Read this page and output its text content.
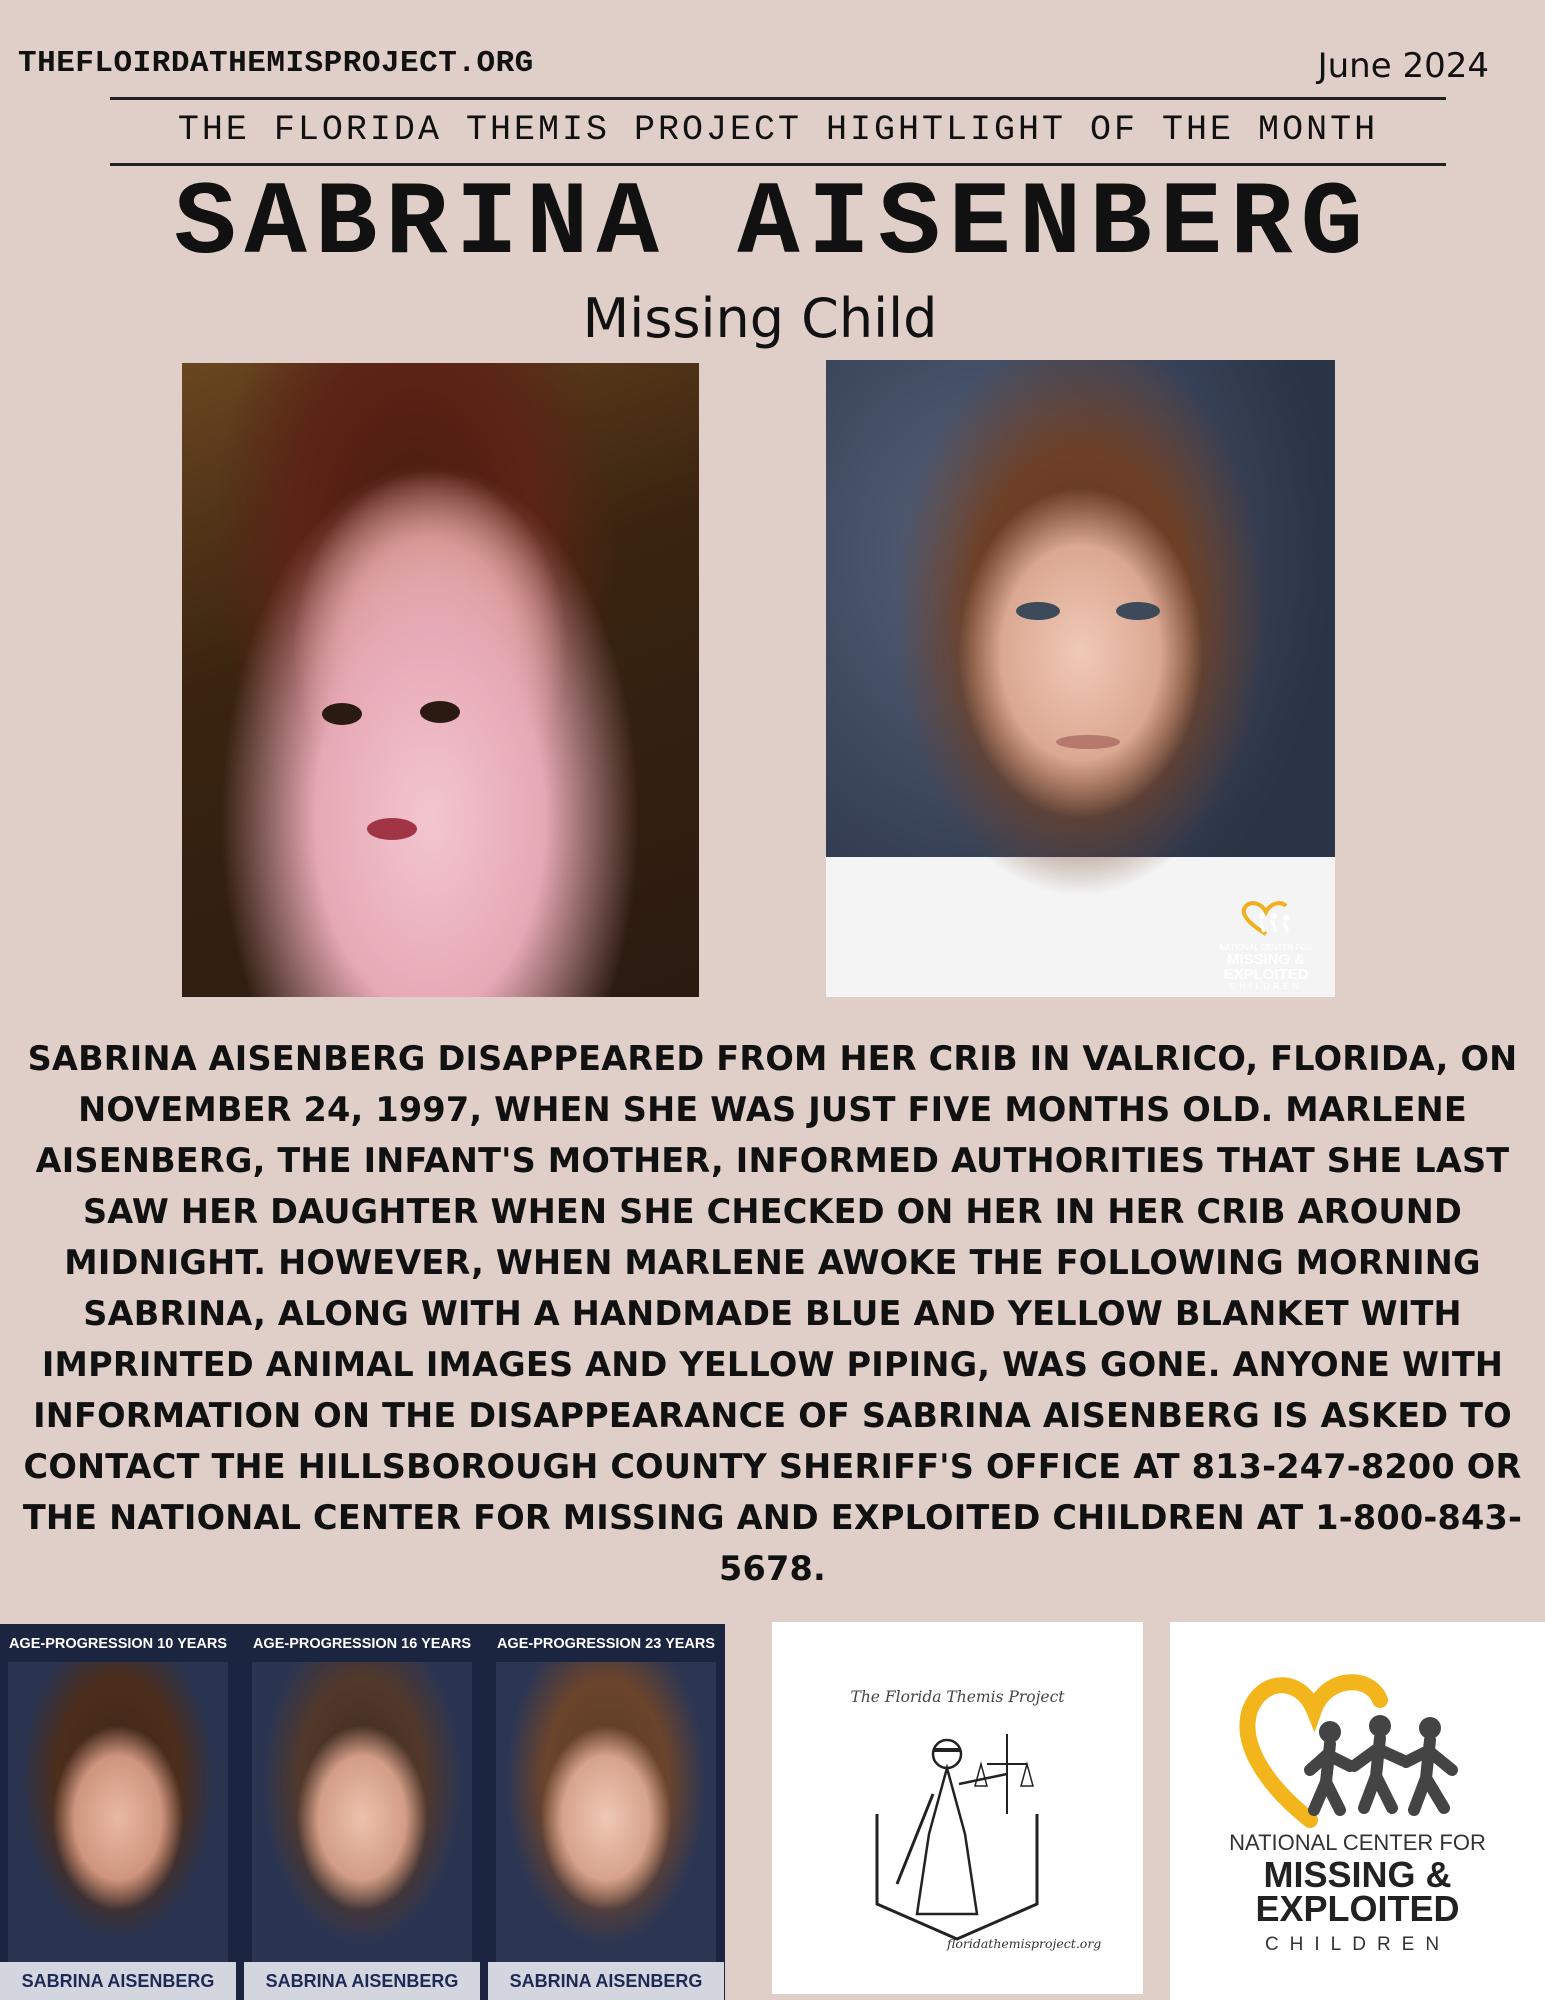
THEFLOIRDATHEMISPROJECT.ORG	June 2024
THE FLORIDA THEMIS PROJECT HIGHTLIGHT OF THE MONTH
SABRINA AISENBERG
Missing Child
NATIONAL CENTER FOR
MISSING &
EXPLOITED
CHILDREN
SABRINA AISENBERG DISAPPEARED FROM HER CRIB IN VALRICO, FLORIDA, ON NOVEMBER 24, 1997, WHEN SHE WAS JUST FIVE MONTHS OLD. MARLENE AISENBERG, THE INFANT'S MOTHER, INFORMED AUTHORITIES THAT SHE LAST SAW HER DAUGHTER WHEN SHE CHECKED ON HER IN HER CRIB AROUND MIDNIGHT. HOWEVER, WHEN MARLENE AWOKE THE FOLLOWING MORNING SABRINA, ALONG WITH A HANDMADE BLUE AND YELLOW BLANKET WITH IMPRINTED ANIMAL IMAGES AND YELLOW PIPING, WAS GONE. ANYONE WITH INFORMATION ON THE DISAPPEARANCE OF SABRINA AISENBERG IS ASKED TO CONTACT THE HILLSBOROUGH COUNTY SHERIFF'S OFFICE AT 813-247-8200 OR THE NATIONAL CENTER FOR MISSING AND EXPLOITED CHILDREN AT 1-800-843-5678.
AGE-PROGRESSION 10 YEARS
SABRINA AISENBERG
AGE-PROGRESSION 16 YEARS
SABRINA AISENBERG
AGE-PROGRESSION 23 YEARS
SABRINA AISENBERG
The Florida Themis Project
floridathemisproject.org
NATIONAL CENTER FOR
MISSING &
EXPLOITED
CHILDREN
